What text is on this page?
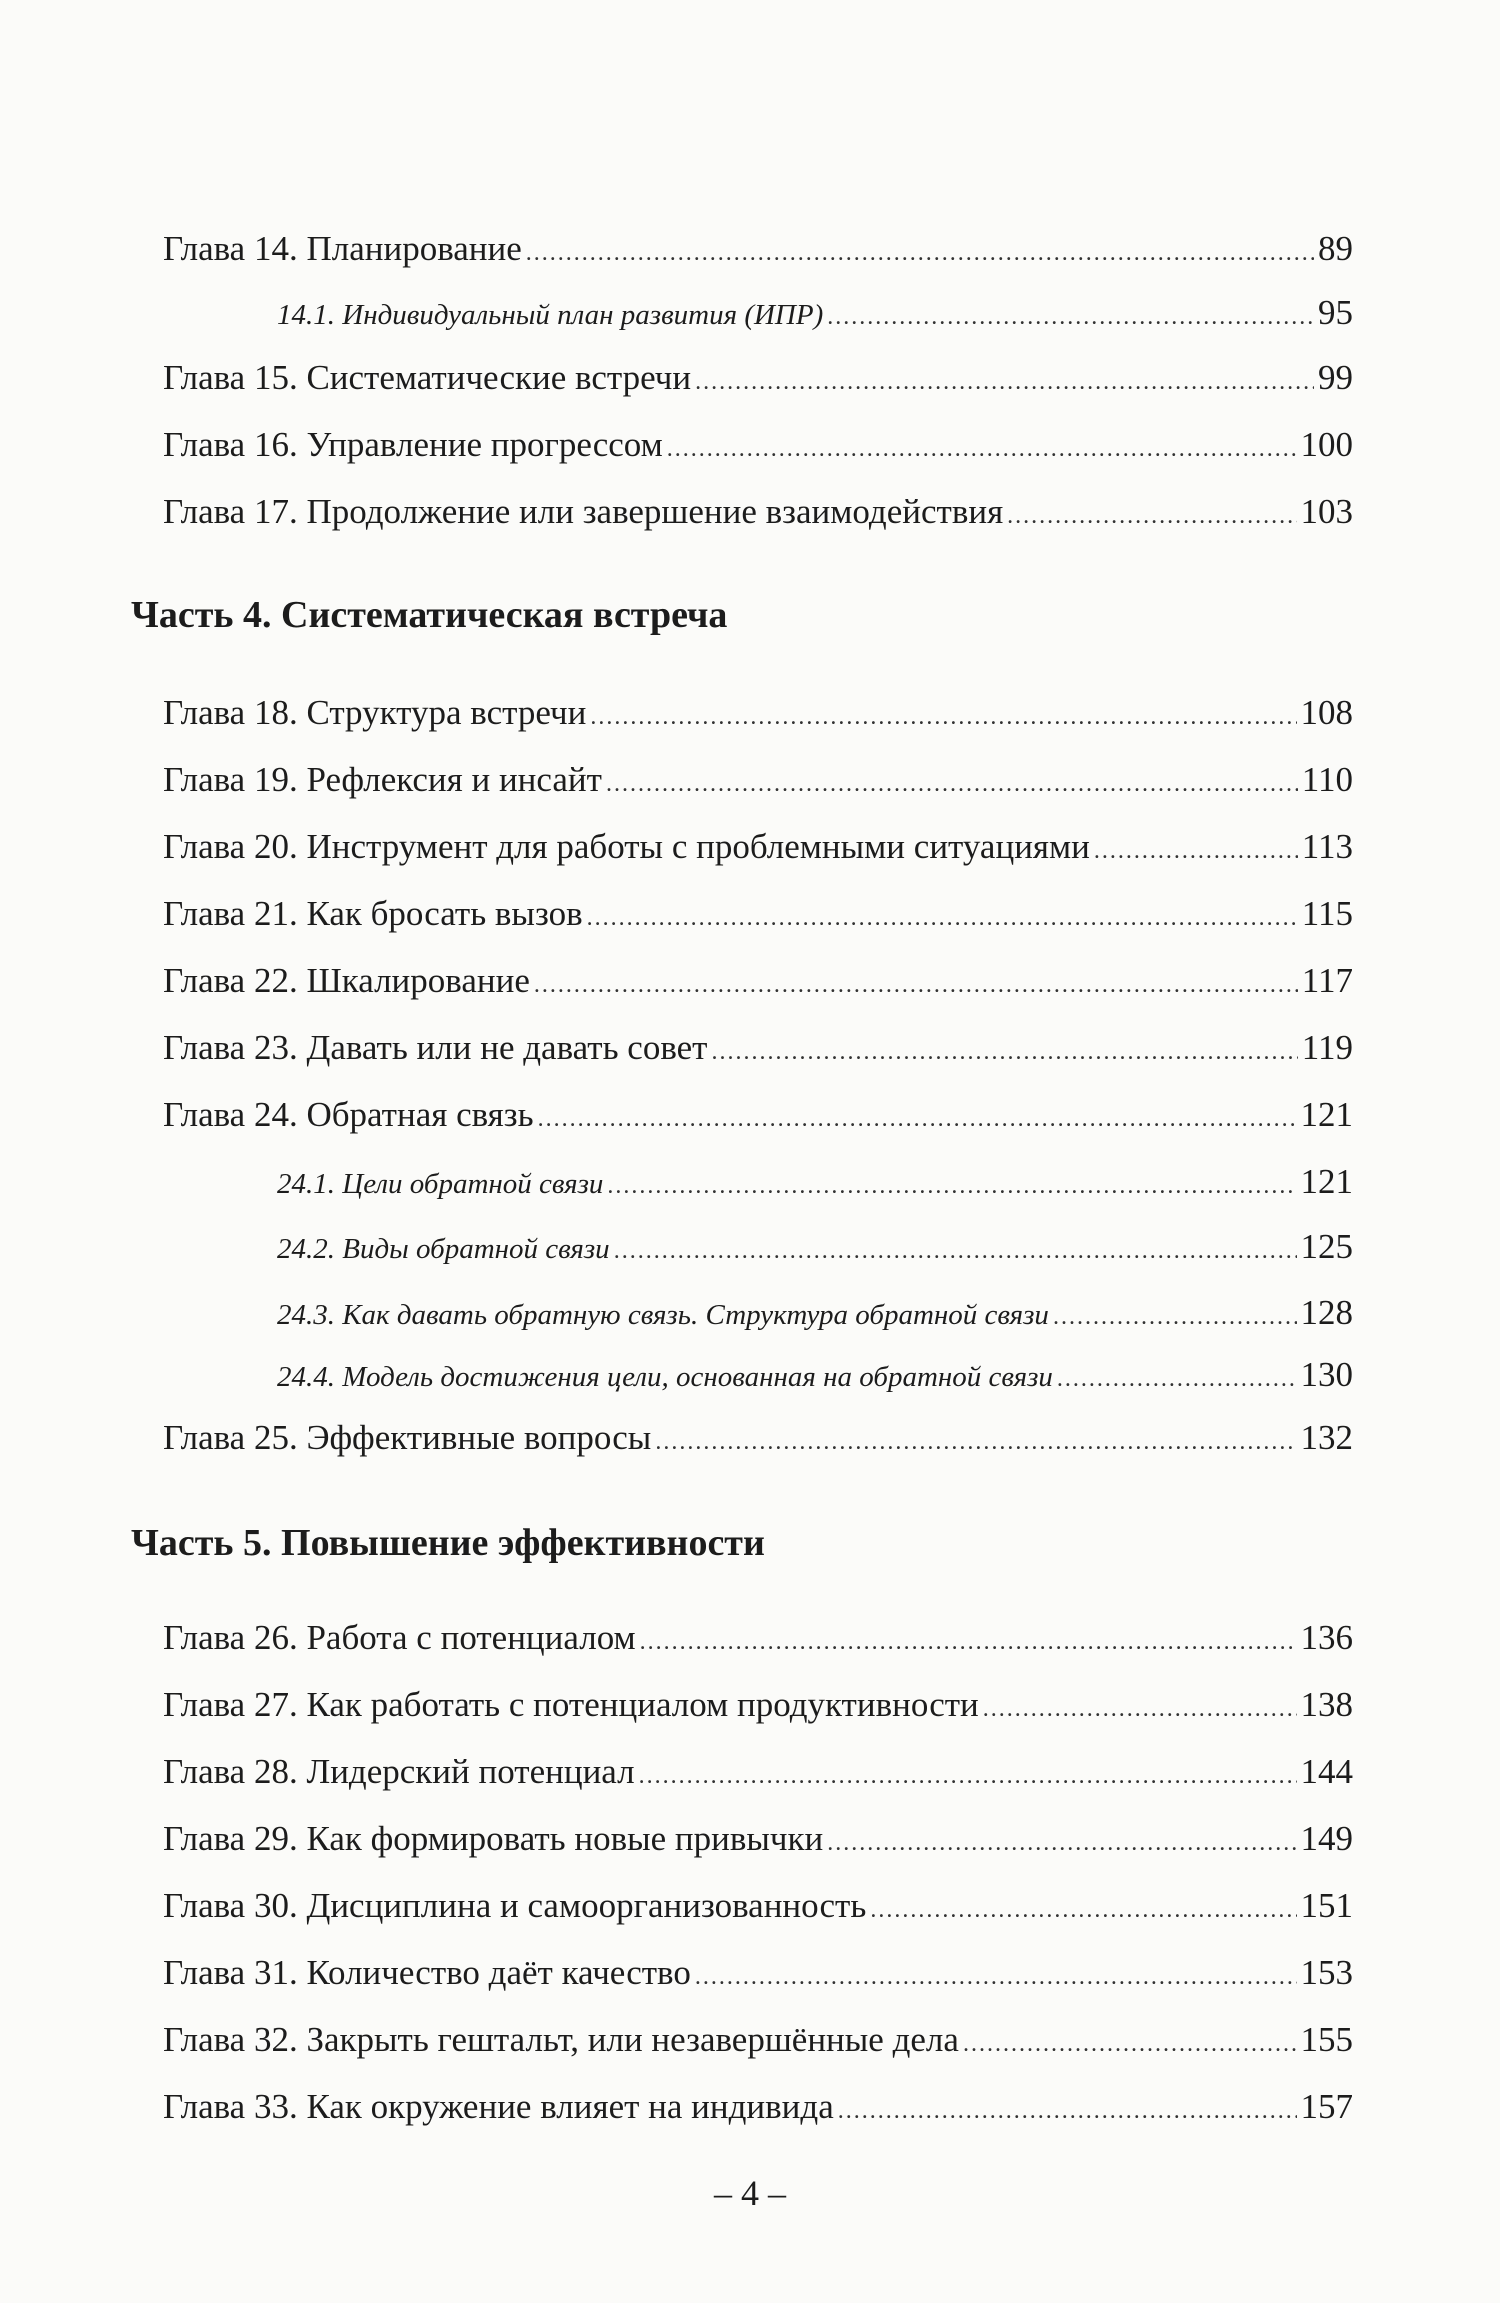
Глава 14. Планирование .....	89
14.1. Индивидуальный план развития (ИПР) .....	95
Глава 15. Систематические встречи .....	99
Глава 16. Управление прогрессом .....	100
Глава 17. Продолжение или завершение взаимодействия .....	103
Часть 4. Систематическая встреча
Глава 18. Структура встречи .....	108
Глава 19. Рефлексия и инсайт .....	110
Глава 20. Инструмент для работы с проблемными ситуациями .....	113
Глава 21. Как бросать вызов .....	115
Глава 22. Шкалирование .....	117
Глава 23. Давать или не давать совет .....	119
Глава 24. Обратная связь .....	121
24.1. Цели обратной связи .....	121
24.2. Виды обратной связи .....	125
24.3. Как давать обратную связь. Структура обратной связи .....	128
24.4. Модель достижения цели, основанная на обратной связи .....	130
Глава 25. Эффективные вопросы .....	132
Часть 5. Повышение эффективности
Глава 26. Работа с потенциалом .....	136
Глава 27. Как работать с потенциалом продуктивности .....	138
Глава 28. Лидерский потенциал .....	144
Глава 29. Как формировать новые привычки .....	149
Глава 30. Дисциплина и самоорганизованность .....	151
Глава 31. Количество даёт качество .....	153
Глава 32. Закрыть гештальт, или незавершённые дела .....	155
Глава 33. Как окружение влияет на индивида .....	157
– 4 –
